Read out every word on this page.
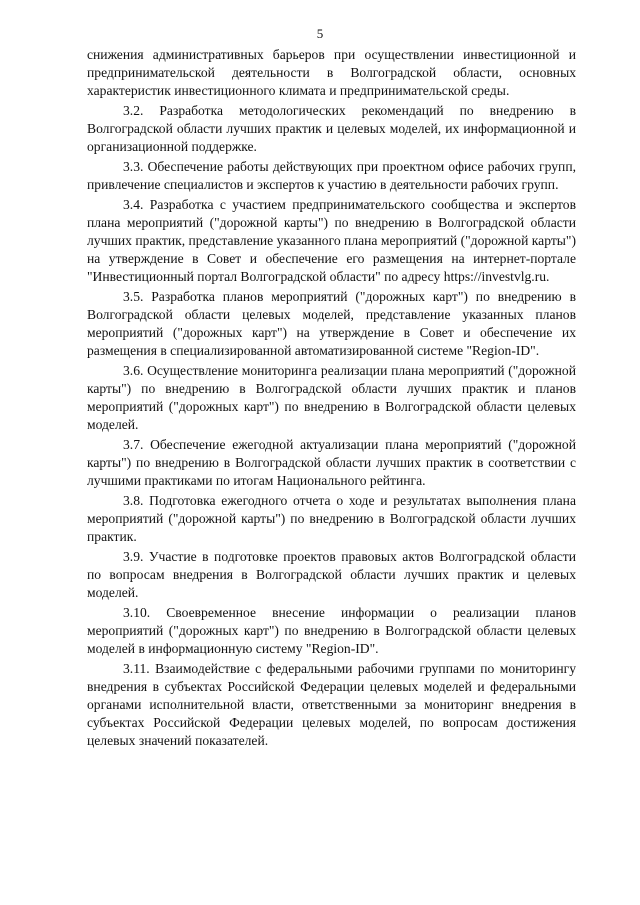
5

снижения административных барьеров при осуществлении инвестиционной и предпринимательской деятельности в Волгоградской области, основных характеристик инвестиционного климата и предпринимательской среды.

3.2. Разработка методологических рекомендаций по внедрению в Волгоградской области лучших практик и целевых моделей, их информационной и организационной поддержке.

3.3. Обеспечение работы действующих при проектном офисе рабочих групп, привлечение специалистов и экспертов к участию в деятельности рабочих групп.

3.4. Разработка с участием предпринимательского сообщества и экспертов плана мероприятий ("дорожной карты") по внедрению в Волгоградской области лучших практик, представление указанного плана мероприятий ("дорожной карты") на утверждение в Совет и обеспечение его размещения на интернет-портале "Инвестиционный портал Волгоградской области" по адресу https://investvlg.ru.

3.5. Разработка планов мероприятий ("дорожных карт") по внедрению в Волгоградской области целевых моделей, представление указанных планов мероприятий ("дорожных карт") на утверждение в Совет и обеспечение их размещения в специализированной автоматизированной системе "Region-ID".

3.6. Осуществление мониторинга реализации плана мероприятий ("дорожной карты") по внедрению в Волгоградской области лучших практик и планов мероприятий ("дорожных карт") по внедрению в Волгоградской области целевых моделей.

3.7. Обеспечение ежегодной актуализации плана мероприятий ("дорожной карты") по внедрению в Волгоградской области лучших практик в соответствии с лучшими практиками по итогам Национального рейтинга.

3.8. Подготовка ежегодного отчета о ходе и результатах выполнения плана мероприятий ("дорожной карты") по внедрению в Волгоградской области лучших практик.

3.9. Участие в подготовке проектов правовых актов Волгоградской области по вопросам внедрения в Волгоградской области лучших практик и целевых моделей.

3.10. Своевременное внесение информации о реализации планов мероприятий ("дорожных карт") по внедрению в Волгоградской области целевых моделей в информационную систему "Region-ID".

3.11. Взаимодействие с федеральными рабочими группами по мониторингу внедрения в субъектах Российской Федерации целевых моделей и федеральными органами исполнительной власти, ответственными за мониторинг внедрения в субъектах Российской Федерации целевых моделей, по вопросам достижения целевых значений показателей.
